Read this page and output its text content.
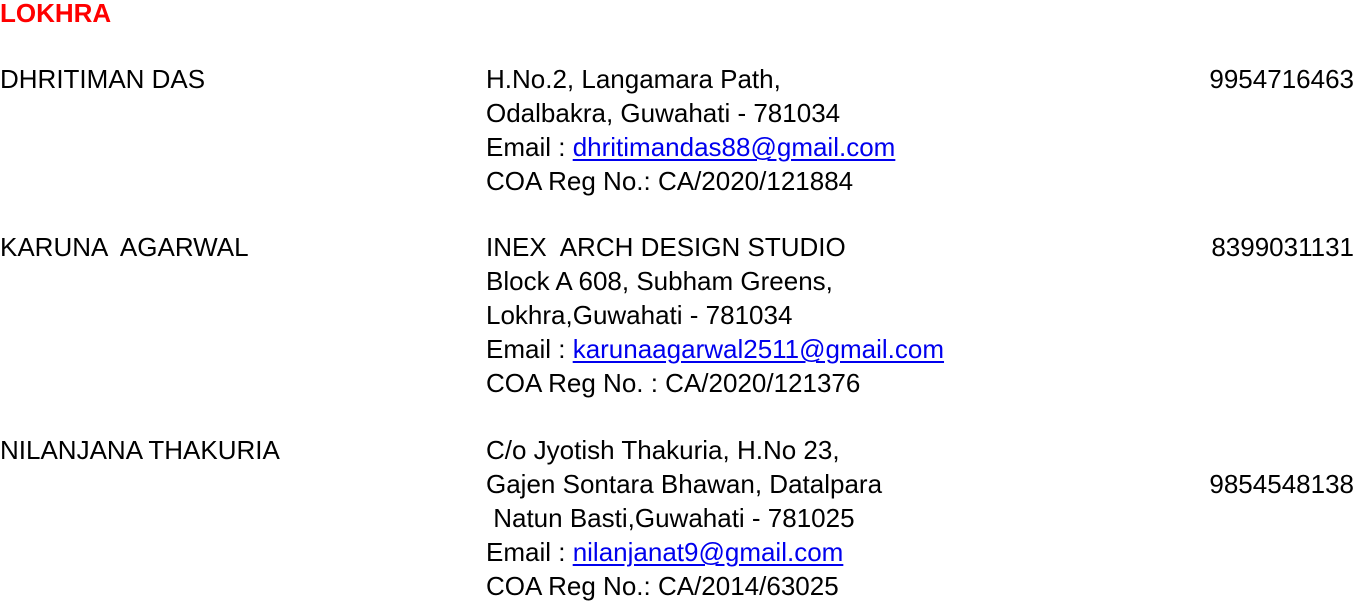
LOKHRA
DHRITIMAN DAS	H.No.2, Langamara Path,
Odalbakra, Guwahati - 781034
Email : dhritimandas88@gmail.com
COA Reg No.: CA/2020/121884
9954716463
KARUNA  AGARWAL	INEX  ARCH DESIGN STUDIO
Block A 608, Subham Greens,
Lokhra,Guwahati - 781034
Email : karunaagarwal2511@gmail.com
COA Reg No. : CA/2020/121376
8399031131
NILANJANA THAKURIA	C/o Jyotish Thakuria, H.No 23,
Gajen Sontara Bhawan, Datalpara
Natun Basti,Guwahati - 781025
Email : nilanjanat9@gmail.com
COA Reg No.: CA/2014/63025
9854548138
